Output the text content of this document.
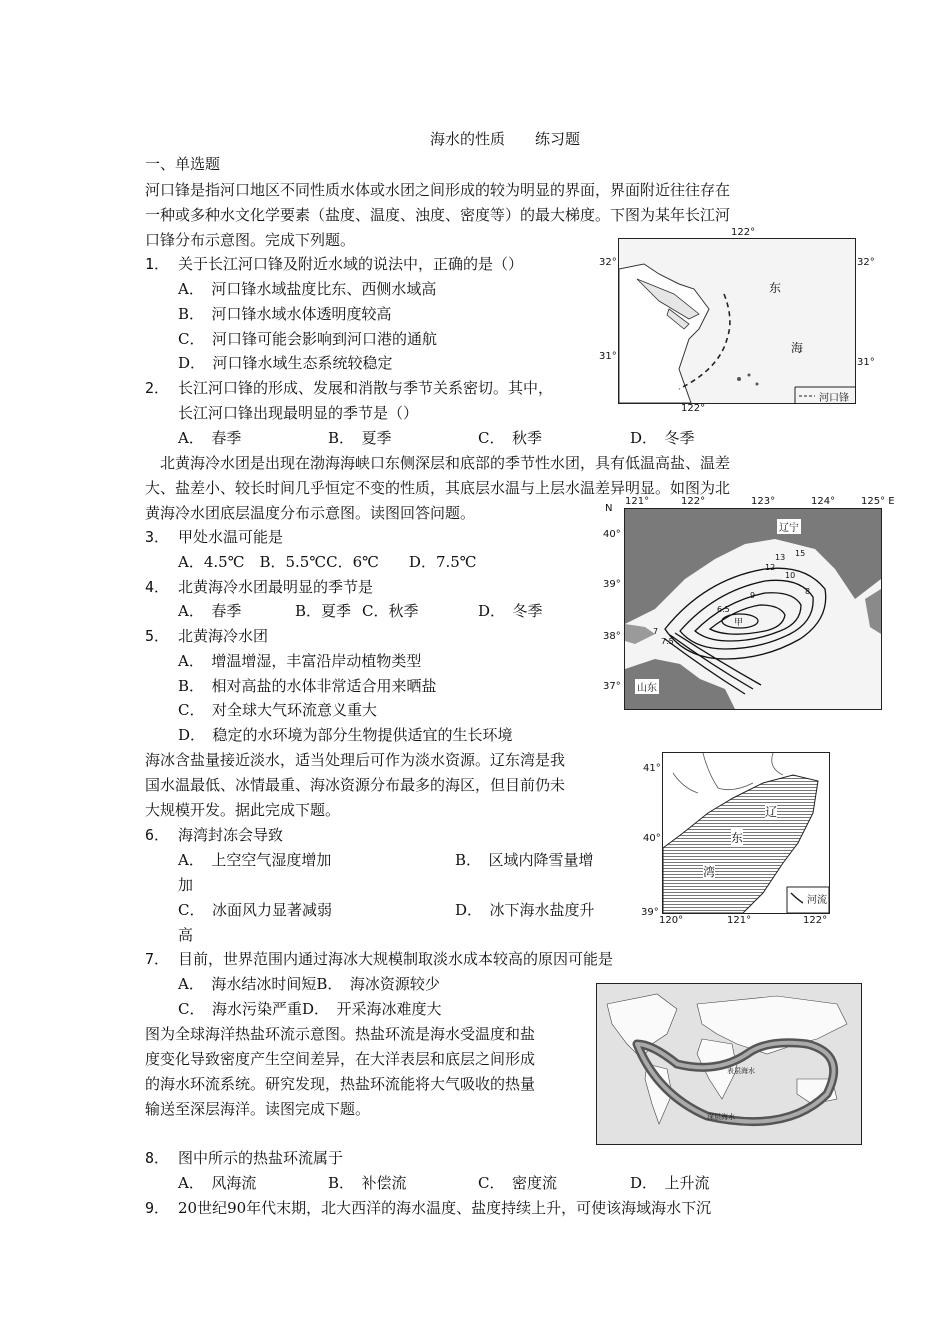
海水的性质　　练习题
一、单选题
河口锋是指河口地区不同性质水体或水团之间形成的较为明显的界面，界面附近往往存在
一种或多种水文化学要素（盐度、温度、浊度、密度等）的最大梯度。下图为某年长江河
口锋分布示意图。完成下列题。
1． 关于长江河口锋及附近水域的说法中，正确的是（）
A．　河口锋水域盐度比东、西侧水域高
B．　河口锋水域水体透明度较高
C．　河口锋可能会影响到河口港的通航
D．　河口锋水域生态系统较稳定
2． 长江河口锋的形成、发展和消散与季节关系密切。其中，
长江河口锋出现最明显的季节是（）
A．　春季	B．　夏季	C．　秋季	D．　冬季
　北黄海冷水团是出现在渤海海峡口东侧深层和底部的季节性水团，具有低温高盐、温差
大、盐差小、较长时间几乎恒定不变的性质，其底层水温与上层水温差异明显。如图为北
黄海冷水团底层温度分布示意图。读图回答问题。
3． 甲处水温可能是
A．4.5℃　B．5.5℃C．6℃　　D．7.5℃
4． 北黄海冷水团最明显的季节是
A．　春季	B．夏季 C．秋季	D．　冬季
5． 北黄海冷水团
A．　增温增湿，丰富沿岸动植物类型
B．　相对高盐的水体非常适合用来晒盐
C．　对全球大气环流意义重大
D．　稳定的水环境为部分生物提供适宜的生长环境
海冰含盐量接近淡水，适当处理后可作为淡水资源。辽东湾是我
国水温最低、冰情最重、海冰资源分布最多的海区，但目前仍未
大规模开发。据此完成下题。
6． 海湾封冻会导致
A．　上空空气湿度增加	B．　区域内降雪量增
加
C．　冰面风力显著减弱	D．　冰下海水盐度升
高
7． 目前，世界范围内通过海冰大规模制取淡水成本较高的原因可能是
A．　海水结冰时间短B．　海冰资源较少
C．　海水污染严重D．　开采海冰难度大
图为全球海洋热盐环流示意图。热盐环流是海水受温度和盐
度变化导致密度产生空间差异，在大洋表层和底层之间形成
的海水环流系统。研究发现，热盐环流能将大气吸收的热量
输送至深层海洋。读图完成下题。
8． 图中所示的热盐环流属于
A．　风海流	B．　补偿流	C．　密度流	D．　上升流
9． 20世纪90年代末期，北大西洋的海水温度、盐度持续上升，可使该海域海水下沉
122°
32°	32°
31°
31°
122°
东
海
河口锋
121°	122°	123°	124°	125° E
N
40°
39°
38°
37°
辽宁
山东
甲
7
7.5
8
10
12
13 15
6.5
9
41°
40°
39°
120°	121°	122°
辽
东
湾
河流
表层海水
深层海水
